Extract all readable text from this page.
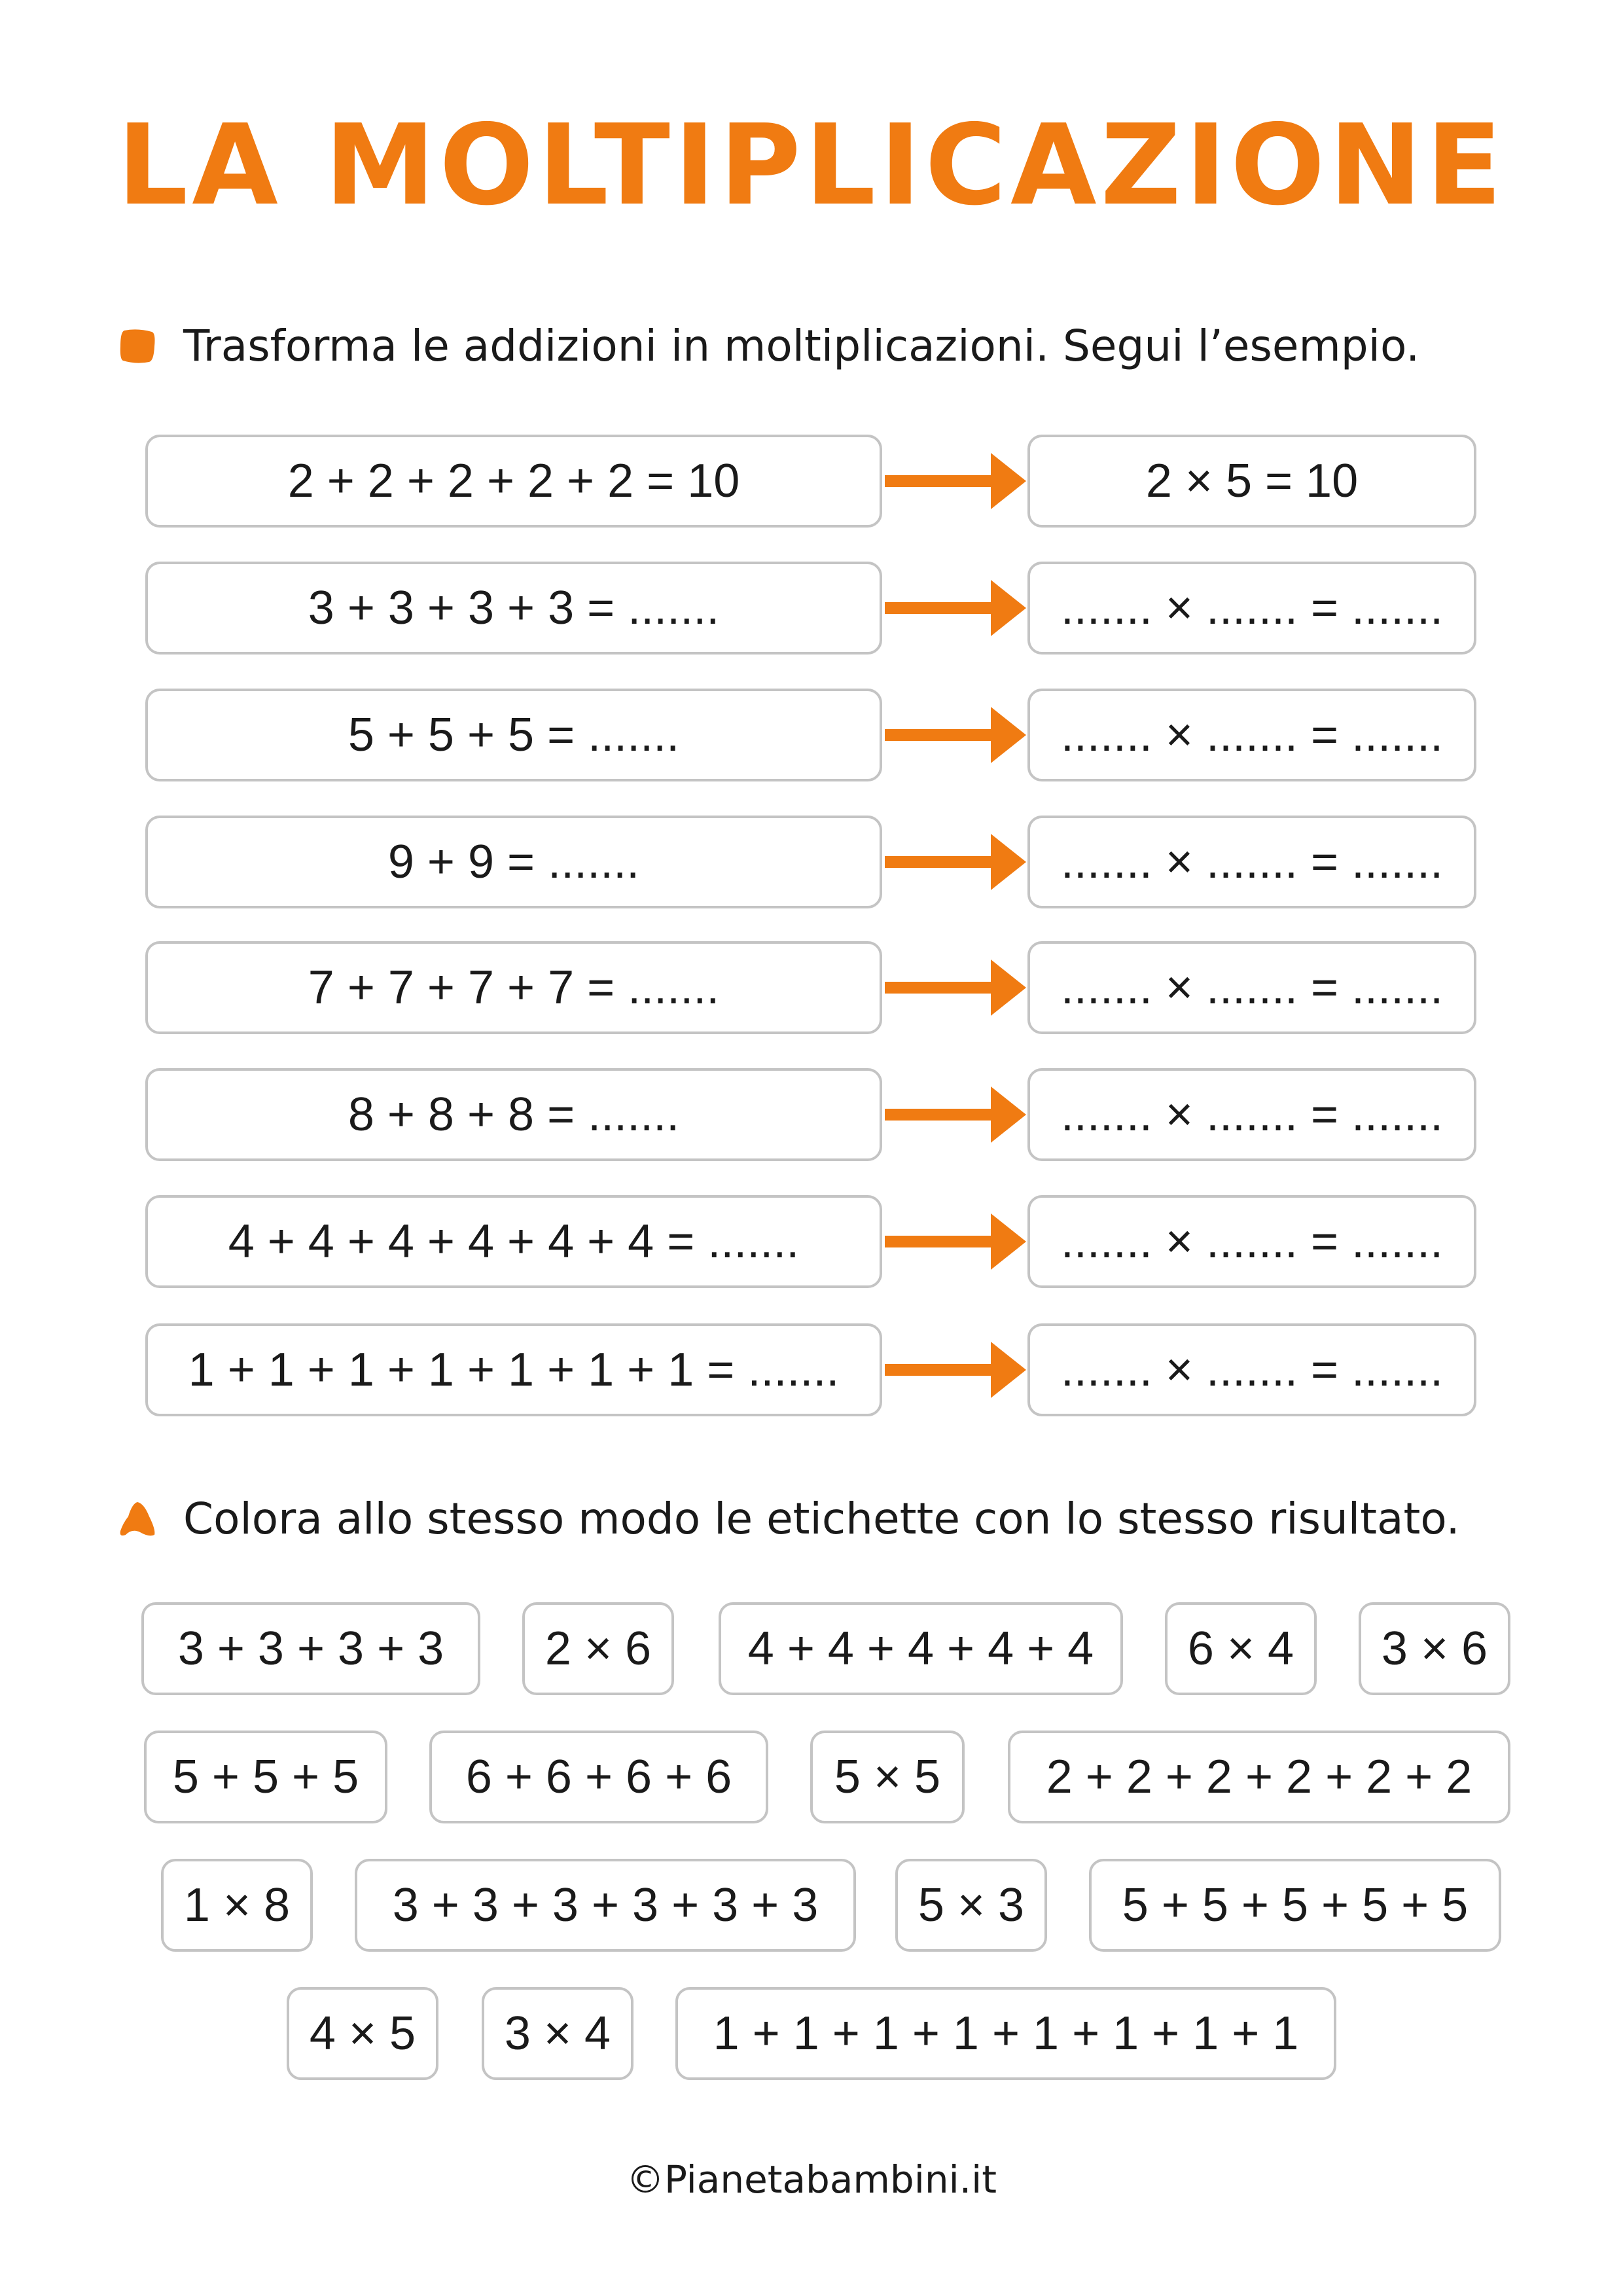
LA MOLTIPLICAZIONE
Trasforma le addizioni in moltiplicazioni. Segui l’esempio.
2 + 2 + 2 + 2 + 2 = 10	2 × 5 = 10
3 + 3 + 3 + 3 = .......	....... × ....... = .......
5 + 5 + 5 = .......	....... × ....... = .......
9 + 9 = .......	....... × ....... = .......
7 + 7 + 7 + 7 = .......	....... × ....... = .......
8 + 8 + 8 = .......	....... × ....... = .......
4 + 4 + 4 + 4 + 4 + 4 = .......	....... × ....... = .......
1 + 1 + 1 + 1 + 1 + 1 + 1 = .......	....... × ....... = .......
Colora allo stesso modo le etichette con lo stesso risultato.
3 + 3 + 3 + 3	2 × 6	4 + 4 + 4 + 4 + 4	6 × 4	3 × 6
5 + 5 + 5	6 + 6 + 6 + 6	5 × 5	2 + 2 + 2 + 2 + 2 + 2
1 × 8	3 + 3 + 3 + 3 + 3 + 3	5 × 3	5 + 5 + 5 + 5 + 5
4 × 5	3 × 4	1 + 1 + 1 + 1 + 1 + 1 + 1 + 1
©Pianetabambini.it
